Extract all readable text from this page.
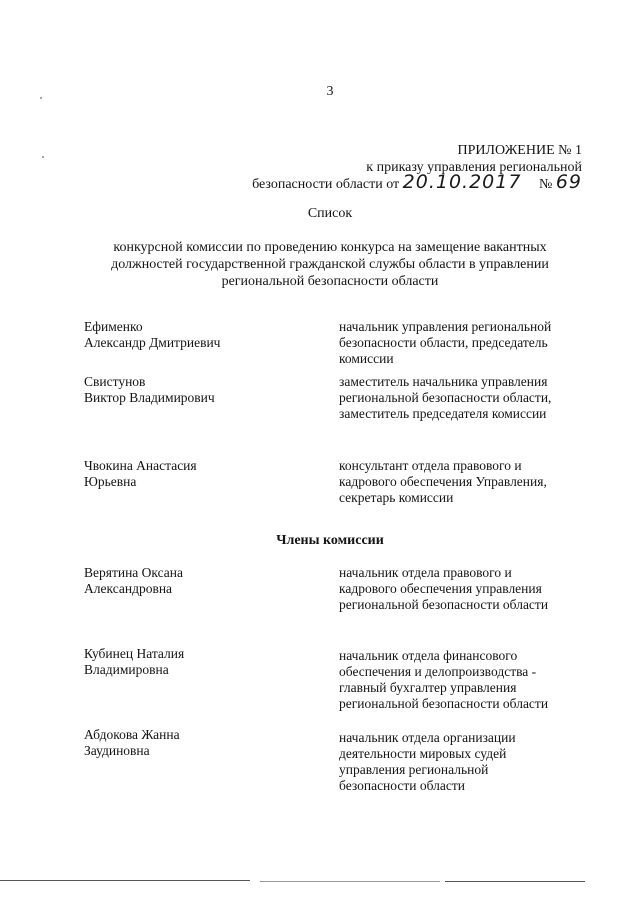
3
ПРИЛОЖЕНИЕ № 1
к приказу управления региональной
безопасности области от 20.10.2017 № 69
Список
конкурсной комиссии по проведению конкурса на замещение вакантных
должностей государственной гражданской службы области в управлении
региональной безопасности области
Ефименко
Александр Дмитриевич
начальник управления региональной
безопасности области, председатель
комиссии
Свистунов
Виктор Владимирович
заместитель начальника управления
региональной безопасности области,
заместитель председателя комиссии
Чвокина Анастасия
Юрьевна
консультант отдела правового и
кадрового обеспечения Управления,
секретарь комиссии
Члены комиссии
Верятина Оксана
Александровна
начальник отдела правового и
кадрового обеспечения управления
региональной безопасности области
Кубинец Наталия
Владимировна
начальник отдела финансового
обеспечения и делопроизводства -
главный бухгалтер управления
региональной безопасности области
Абдокова Жанна
Заудиновна
начальник отдела организации
деятельности мировых судей
управления региональной
безопасности области
